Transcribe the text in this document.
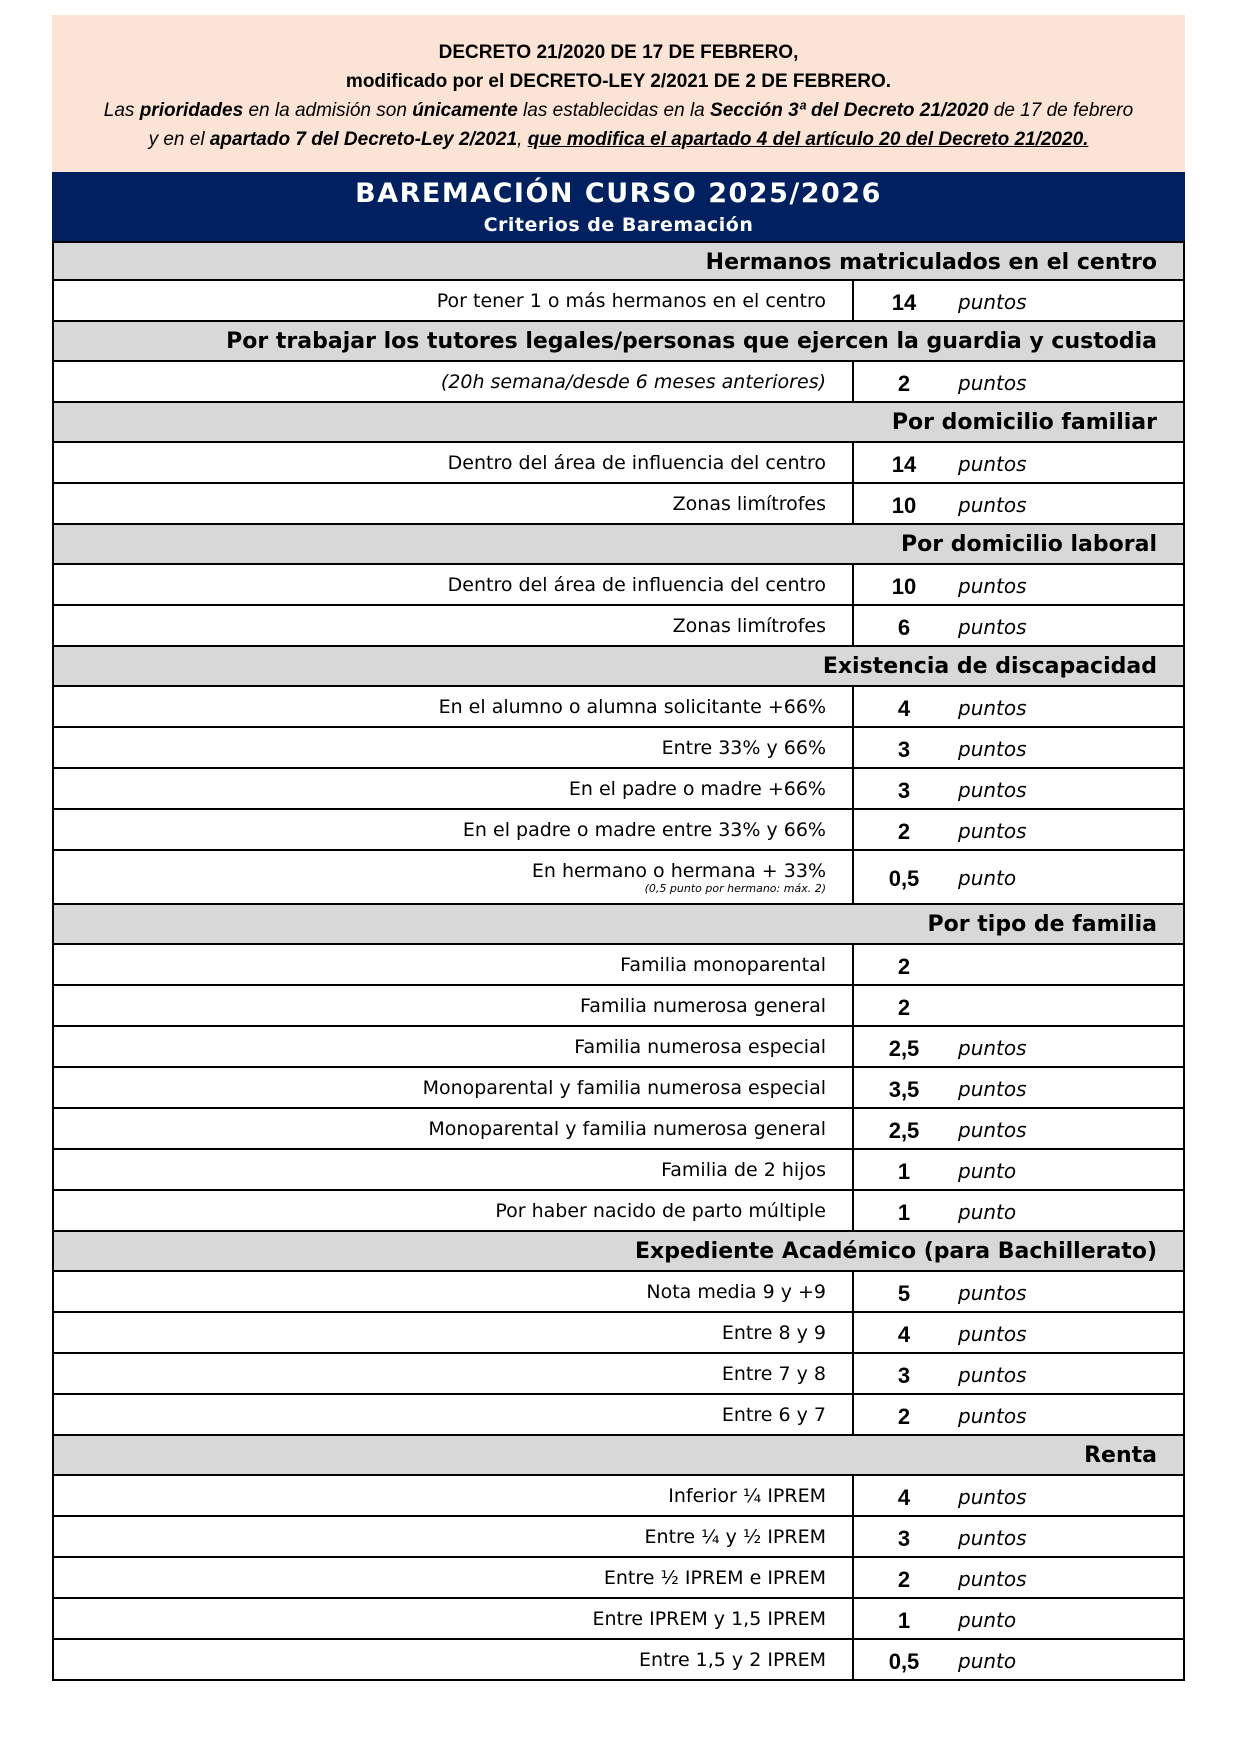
DECRETO 21/2020 DE 17 DE FEBRERO,
modificado por el DECRETO-LEY 2/2021 DE 2 DE FEBRERO.
Las prioridades en la admisión son únicamente las establecidas en la Sección 3ª del Decreto 21/2020 de 17 de febrero
y en el apartado 7 del Decreto-Ley 2/2021, que modifica el apartado 4 del artículo 20 del Decreto 21/2020.
BAREMACIÓN CURSO 2025/2026
Criterios de Baremación
Hermanos matriculados en el centro
Por tener 1 o más hermanos en el centro	14	puntos
Por trabajar los tutores legales/personas que ejercen la guardia y custodia
(20h semana/desde 6 meses anteriores)	2	puntos
Por domicilio familiar
Dentro del área de influencia del centro	14	puntos
Zonas limítrofes	10	puntos
Por domicilio laboral
Dentro del área de influencia del centro	10	puntos
Zonas limítrofes	6	puntos
Existencia de discapacidad
En el alumno o alumna solicitante +66%	4	puntos
Entre 33% y 66%	3	puntos
En el padre o madre +66%	3	puntos
En el padre o madre entre 33% y 66%	2	puntos
En hermano o hermana + 33%
(0,5 punto por hermano: máx. 2)	0,5	punto
Por tipo de familia
Familia monoparental	2
Familia numerosa general	2
Familia numerosa especial	2,5	puntos
Monoparental y familia numerosa especial	3,5	puntos
Monoparental y familia numerosa general	2,5	puntos
Familia de 2 hijos	1	punto
Por haber nacido de parto múltiple	1	punto
Expediente Académico (para Bachillerato)
Nota media 9 y +9	5	puntos
Entre 8 y 9	4	puntos
Entre 7 y 8	3	puntos
Entre 6 y 7	2	puntos
Renta
Inferior ¼ IPREM	4	puntos
Entre ¼ y ½ IPREM	3	puntos
Entre ½ IPREM e IPREM	2	puntos
Entre IPREM y 1,5 IPREM	1	punto
Entre 1,5 y 2 IPREM	0,5	punto
